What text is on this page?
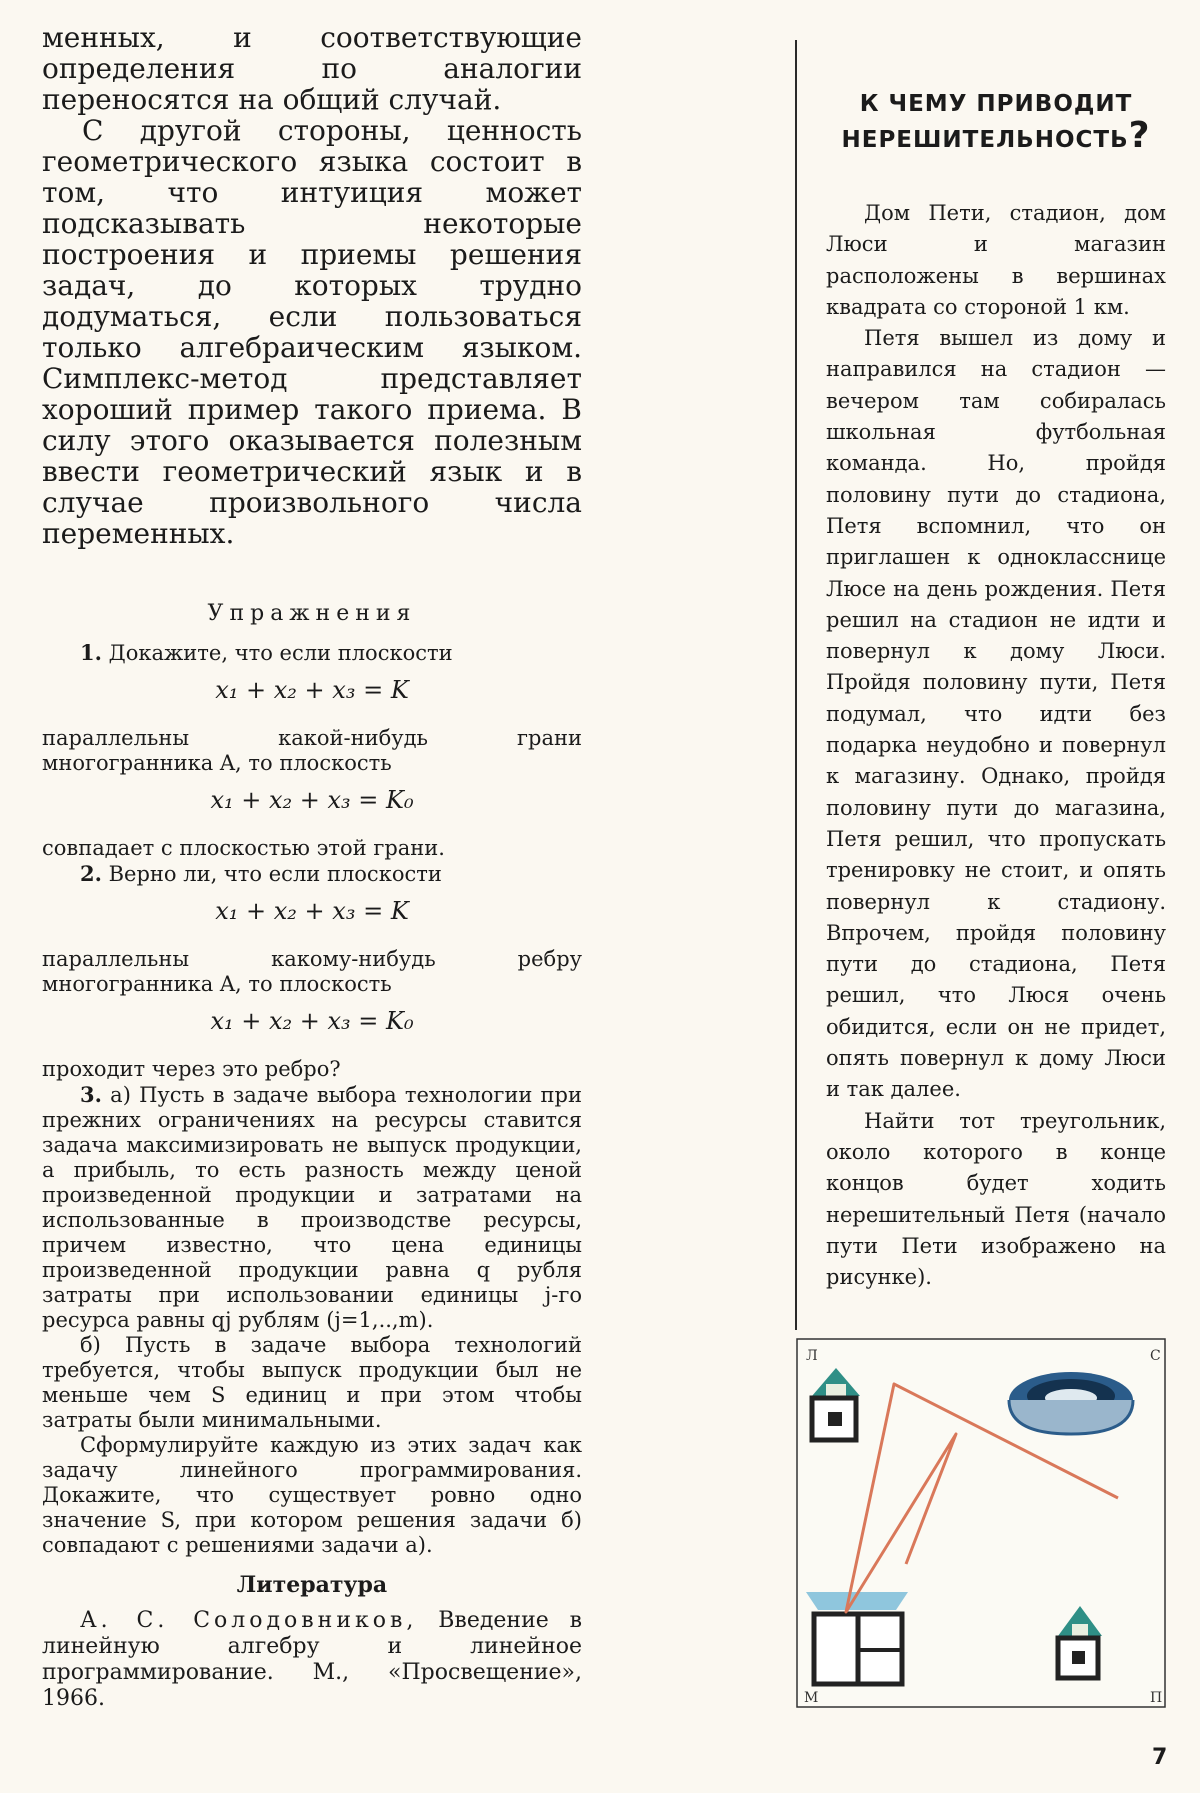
менных, и соответствующие определения по аналогии переносятся на общий случай.

С другой стороны, ценность геометрического языка состоит в том, что интуиция может подсказывать некоторые построения и приемы решения задач, до которых трудно додуматься, если пользоваться только алгебраическим языком. Симплекс-метод представляет хороший пример такого приема. В силу этого оказывается полезным ввести геометрический язык и в случае произвольного числа переменных.

Упражнения

1. Докажите, что если плоскости

x₁ + x₂ + x₃ = K

параллельны какой-нибудь грани многогранника A, то плоскость

x₁ + x₂ + x₃ = K₀

совпадает с плоскостью этой грани.

2. Верно ли, что если плоскости

x₁ + x₂ + x₃ = K

параллельны какому-нибудь ребру многогранника A, то плоскость

x₁ + x₂ + x₃ = K₀

проходит через это ребро?

3. а) Пусть в задаче выбора технологии при прежних ограничениях на ресурсы ставится задача максимизировать не выпуск продукции, а прибыль, то есть разность между ценой произведенной продукции и затратами на использованные в производстве ресурсы, причем известно, что цена единицы произведенной продукции равна q рубля затраты при использовании единицы j-го ресурса равны qj рублям (j=1,..,m).

б) Пусть в задаче выбора технологий требуется, чтобы выпуск продукции был не меньше чем S единиц и при этом чтобы затраты были минимальными.

Сформулируйте каждую из этих задач как задачу линейного программирования. Докажите, что существует ровно одно значение S, при котором решения задачи б) совпадают с решениями задачи а).

Литература

А. С. Солодовников, Введение в линейную алгебру и линейное программирование. М., «Просвещение», 1966.

К ЧЕМУ ПРИВОДИТ
НЕРЕШИТЕЛЬНОСТЬ?

Дом Пети, стадион, дом Люси и магазин расположены в вершинах квадрата со стороной 1 км.

Петя вышел из дому и направился на стадион — вечером там собиралась школьная футбольная команда. Но, пройдя половину пути до стадиона, Петя вспомнил, что он приглашен к однокласснице Люсе на день рождения. Петя решил на стадион не идти и повернул к дому Люси. Пройдя половину пути, Петя подумал, что идти без подарка неудобно и повернул к магазину. Однако, пройдя половину пути до магазина, Петя решил, что пропускать тренировку не стоит, и опять повернул к стадиону. Впрочем, пройдя половину пути до стадиона, Петя решил, что Люся очень обидится, если он не придет, опять повернул к дому Люси и так далее.

Найти тот треугольник, около которого в конце концов будет ходить нерешительный Петя (начало пути Пети изображено на рисунке).

Л	С
М	П
7
